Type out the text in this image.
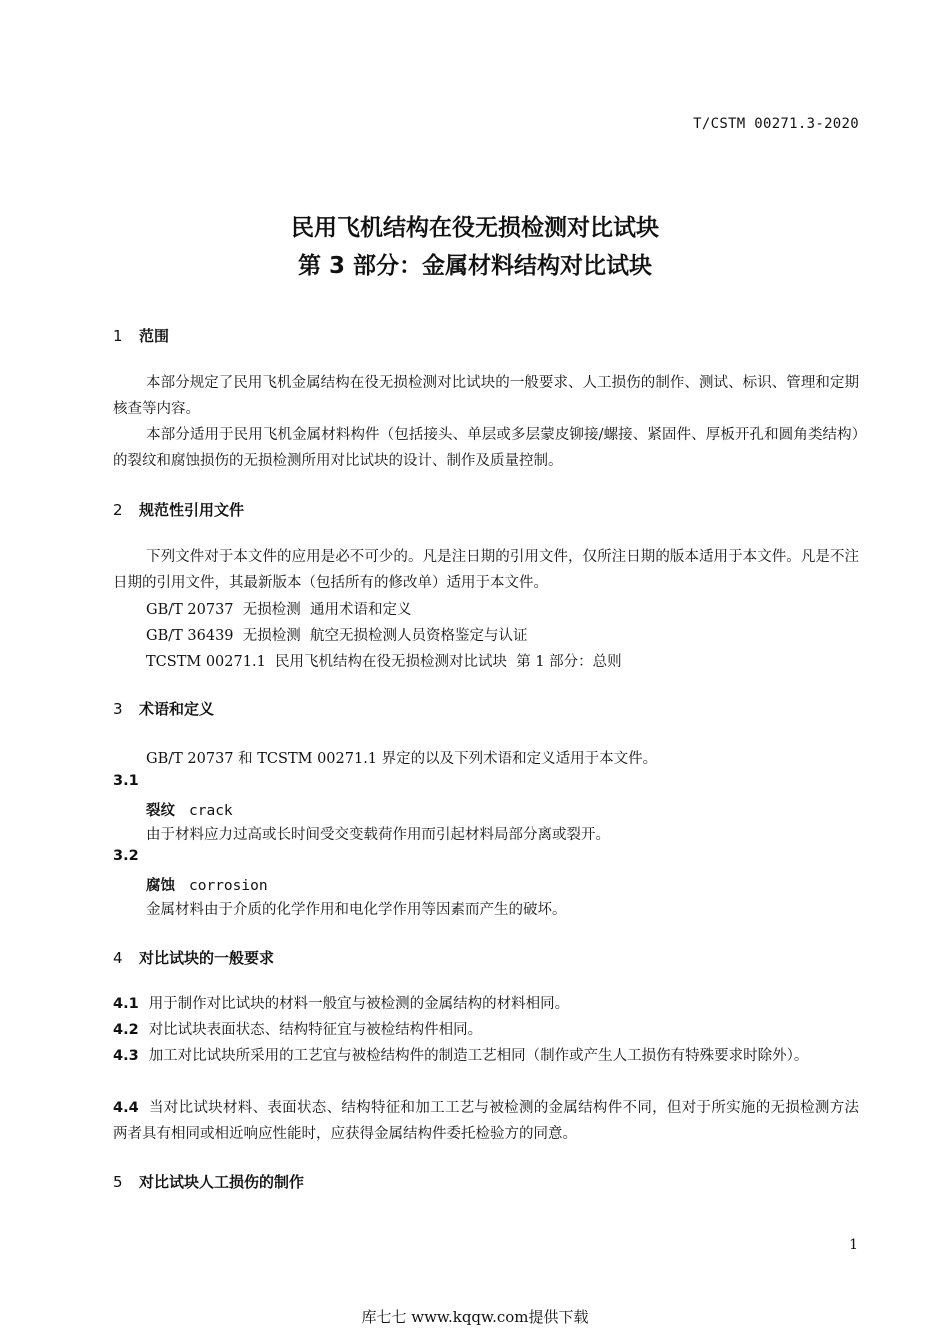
T/CSTM 00271.3-2020
民用飞机结构在役无损检测对比试块
第 3 部分：金属材料结构对比试块
1 范围
本部分规定了民用飞机金属结构在役无损检测对比试块的一般要求、人工损伤的制作、测试、标识、管理和定期核查等内容。
本部分适用于民用飞机金属材料构件（包括接头、单层或多层蒙皮铆接/螺接、紧固件、厚板开孔和圆角类结构）的裂纹和腐蚀损伤的无损检测所用对比试块的设计、制作及质量控制。
2 规范性引用文件
下列文件对于本文件的应用是必不可少的。凡是注日期的引用文件，仅所注日期的版本适用于本文件。凡是不注日期的引用文件，其最新版本（包括所有的修改单）适用于本文件。
GB/T 20737  无损检测  通用术语和定义
GB/T 36439  无损检测  航空无损检测人员资格鉴定与认证
TCSTM 00271.1  民用飞机结构在役无损检测对比试块  第 1 部分：总则
3 术语和定义
GB/T 20737 和 TCSTM 00271.1 界定的以及下列术语和定义适用于本文件。
3.1
裂纹 crack
由于材料应力过高或长时间受交变载荷作用而引起材料局部分离或裂开。
3.2
腐蚀 corrosion
金属材料由于介质的化学作用和电化学作用等因素而产生的破坏。
4 对比试块的一般要求
4.1 用于制作对比试块的材料一般宜与被检测的金属结构的材料相同。
4.2 对比试块表面状态、结构特征宜与被检结构件相同。
4.3 加工对比试块所采用的工艺宜与被检结构件的制造工艺相同（制作或产生人工损伤有特殊要求时除外）。
4.4 当对比试块材料、表面状态、结构特征和加工工艺与被检测的金属结构件不同，但对于所实施的无损检测方法两者具有相同或相近响应性能时，应获得金属结构件委托检验方的同意。
5 对比试块人工损伤的制作
1
库七七 www.kqqw.com提供下载
